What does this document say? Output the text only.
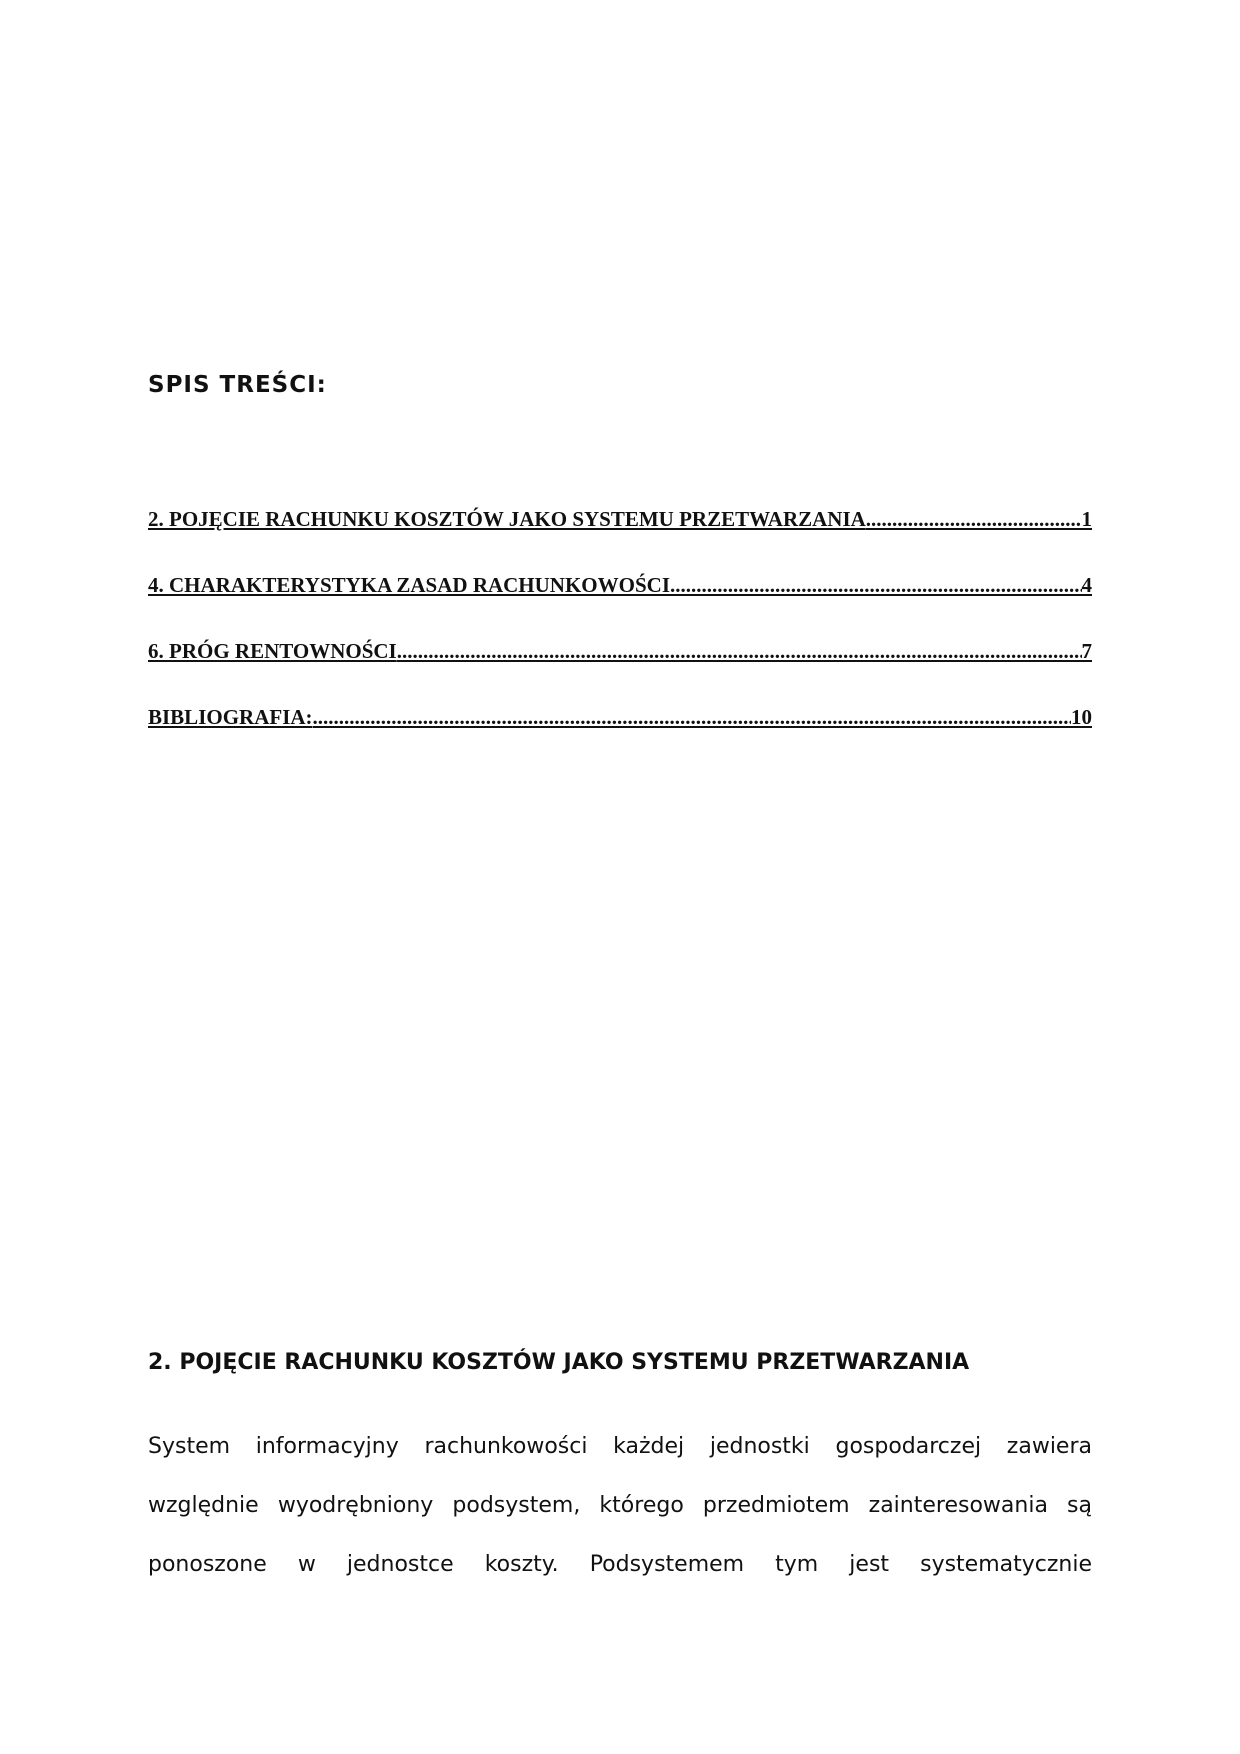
SPIS TREŚCI:
2. POJĘCIE RACHUNKU KOSZTÓW JAKO SYSTEMU PRZETWARZANIA .....	1
4. CHARAKTERYSTYKA ZASAD RACHUNKOWOŚCI .....	4
6. PRÓG RENTOWNOŚCI .....	7
BIBLIOGRAFIA: .....	10
2. POJĘCIE RACHUNKU KOSZTÓW JAKO SYSTEMU PRZETWARZANIA

System informacyjny rachunkowości każdej jednostki gospodarczej zawiera względnie wyodrębniony podsystem, którego przedmiotem zainteresowania są ponoszone w jednostce koszty. Podsystemem tym jest systematycznie
